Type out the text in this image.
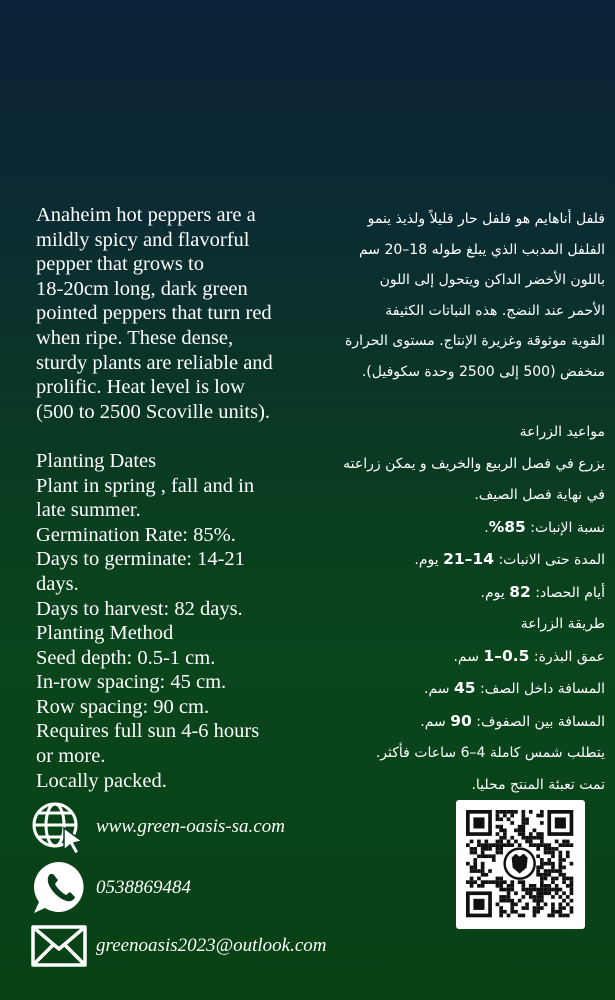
Anaheim hot peppers are a

mildly spicy and flavorful

pepper that grows to

18-20cm long, dark green

pointed peppers that turn red

when ripe. These dense,

sturdy plants are reliable and

prolific. Heat level is low

(500 to 2500 Scoville units).

Planting Dates

Plant in spring , fall and in

late summer.

Germination Rate: 85%.

Days to germinate: 14-21

days.

Days to harvest: 82 days.

Planting Method

Seed depth: 0.5-1 cm.

In-row spacing: 45 cm.

Row spacing: 90 cm.

Requires full sun 4-6 hours

or more.

Locally packed.

فلفل أناهايم هو فلفل حار قليلاً ولذيذ ينمو

الفلفل المدبب الذي يبلغ طوله 18–20 سم

باللون الأخضر الداكن ويتحول إلى اللون

الأحمر عند النضج. هذه النباتات الكثيفة

القوية موثوقة وغزيرة الإنتاج. مستوى الحرارة

منخفض (500 إلى 2500 وحدة سكوفيل).

مواعيد الزراعة

يزرع في فصل الربيع والخريف و يمكن زراعته

في نهاية فصل الصيف.

نسبة الإنبات: 85%.

المدة حتى الانبات: 14–21 يوم.

أيام الحصاد: 82 يوم.

طريقة الزراعة

عمق البذرة: 0.5–1 سم.

المسافة داخل الصف: 45 سم.

المسافة بين الصفوف: 90 سم.

يتطلب شمس كاملة 4–6 ساعات فأكثر.

تمت تعبئة المنتج محليا.

www.green-oasis-sa.com
0538869484
greenoasis2023@outlook.com
